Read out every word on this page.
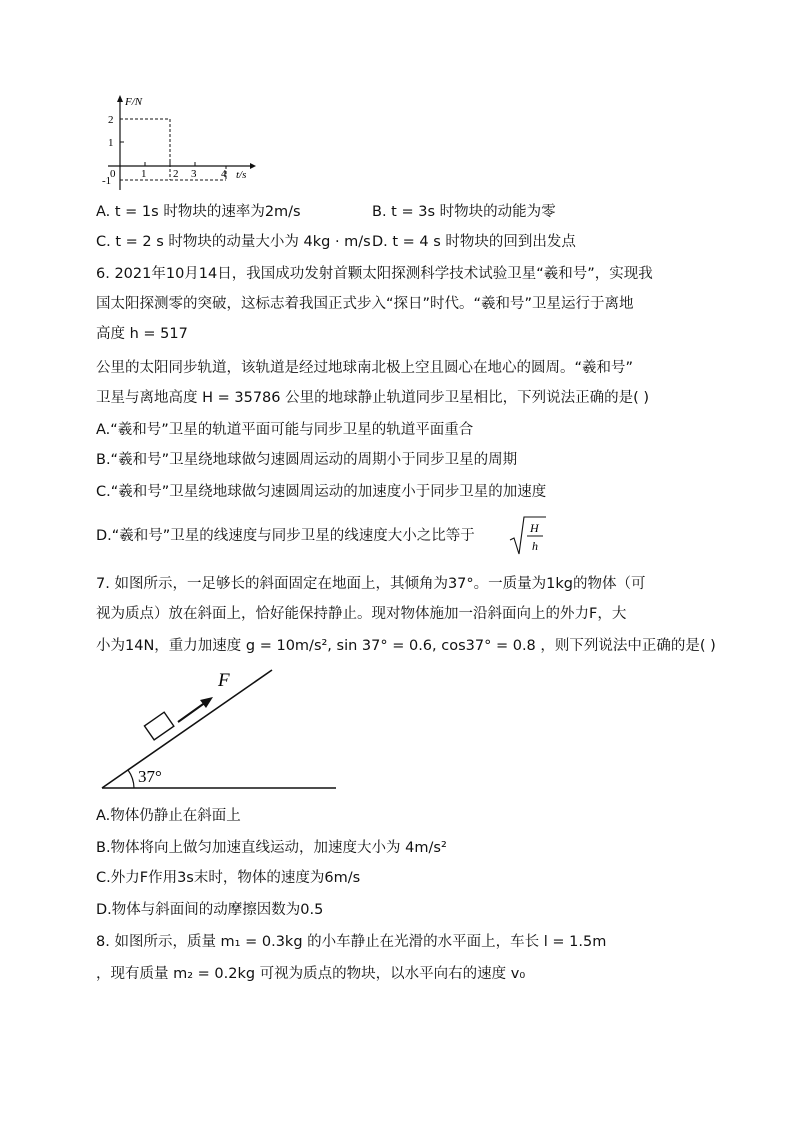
F/N
t/s
2
1
-1
0 1 2 3 4
A. t = 1s 时物块的速率为2m/s	B. t = 3s 时物块的动能为零
C. t = 2 s 时物块的动量大小为 4kg · m/s D. t = 4 s 时物块的回到出发点
6. 2021年10月14日，我国成功发射首颗太阳探测科学技术试验卫星“羲和号”，实现我
国太阳探测零的突破，这标志着我国正式步入“探日”时代。“羲和号”卫星运行于离地
高度 h = 517
公里的太阳同步轨道，该轨道是经过地球南北极上空且圆心在地心的圆周。“羲和号”
卫星与离地高度 H = 35786 公里的地球静止轨道同步卫星相比，下列说法正确的是( )
A.“羲和号”卫星的轨道平面可能与同步卫星的轨道平面重合
B.“羲和号”卫星绕地球做匀速圆周运动的周期小于同步卫星的周期
C.“羲和号”卫星绕地球做匀速圆周运动的加速度小于同步卫星的加速度
D.“羲和号”卫星的线速度与同步卫星的线速度大小之比等于	H
h
7. 如图所示，一足够长的斜面固定在地面上，其倾角为37°。一质量为1kg的物体（可
视为质点）放在斜面上，恰好能保持静止。现对物体施加一沿斜面向上的外力F，大
小为14N，重力加速度 g = 10m/s², sin 37° = 0.6, cos37° = 0.8 ，则下列说法中正确的是( )
37°
F
A.物体仍静止在斜面上
B.物体将向上做匀加速直线运动，加速度大小为 4m/s²
C.外力F作用3s末时，物体的速度为6m/s
D.物体与斜面间的动摩擦因数为0.5
8. 如图所示，质量 m₁ = 0.3kg 的小车静止在光滑的水平面上，车长 l = 1.5m
，现有质量 m₂ = 0.2kg 可视为质点的物块，以水平向右的速度 v₀
